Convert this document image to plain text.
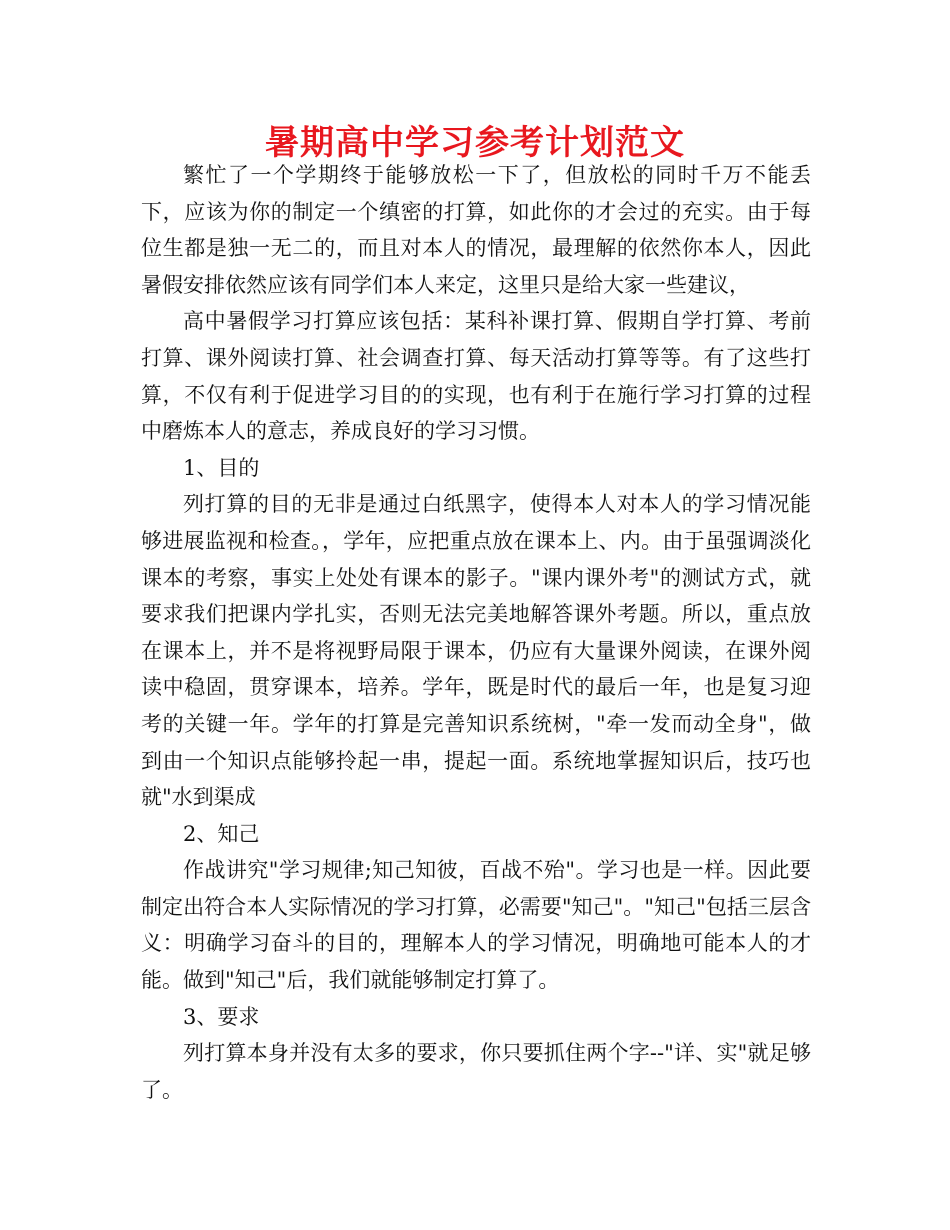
暑期高中学习参考计划范文

繁忙了一个学期终于能够放松一下了，但放松的同时千万不能丢下，应该为你的制定一个缜密的打算，如此你的才会过的充实。由于每位生都是独一无二的，而且对本人的情况，最理解的依然你本人，因此暑假安排依然应该有同学们本人来定，这里只是给大家一些建议，

高中暑假学习打算应该包括：某科补课打算、假期自学打算、考前打算、课外阅读打算、社会调查打算、每天活动打算等等。有了这些打算，不仅有利于促进学习目的的实现，也有利于在施行学习打算的过程中磨炼本人的意志，养成良好的学习习惯。

1、目的

列打算的目的无非是通过白纸黑字，使得本人对本人的学习情况能够进展监视和检查。，学年，应把重点放在课本上、内。由于虽强调淡化课本的考察，事实上处处有课本的影子。"课内课外考"的测试方式，就要求我们把课内学扎实，否则无法完美地解答课外考题。所以，重点放在课本上，并不是将视野局限于课本，仍应有大量课外阅读，在课外阅读中稳固，贯穿课本，培养。学年，既是时代的最后一年，也是复习迎考的关键一年。学年的打算是完善知识系统树，"牵一发而动全身"，做到由一个知识点能够拎起一串，提起一面。系统地掌握知识后，技巧也就"水到渠成

2、知己

作战讲究"学习规律;知己知彼，百战不殆"。学习也是一样。因此要制定出符合本人实际情况的学习打算，必需要"知己"。"知己"包括三层含义：明确学习奋斗的目的，理解本人的学习情况，明确地可能本人的才能。做到"知己"后，我们就能够制定打算了。

3、要求

列打算本身并没有太多的要求，你只要抓住两个字--"详、实"就足够了。
